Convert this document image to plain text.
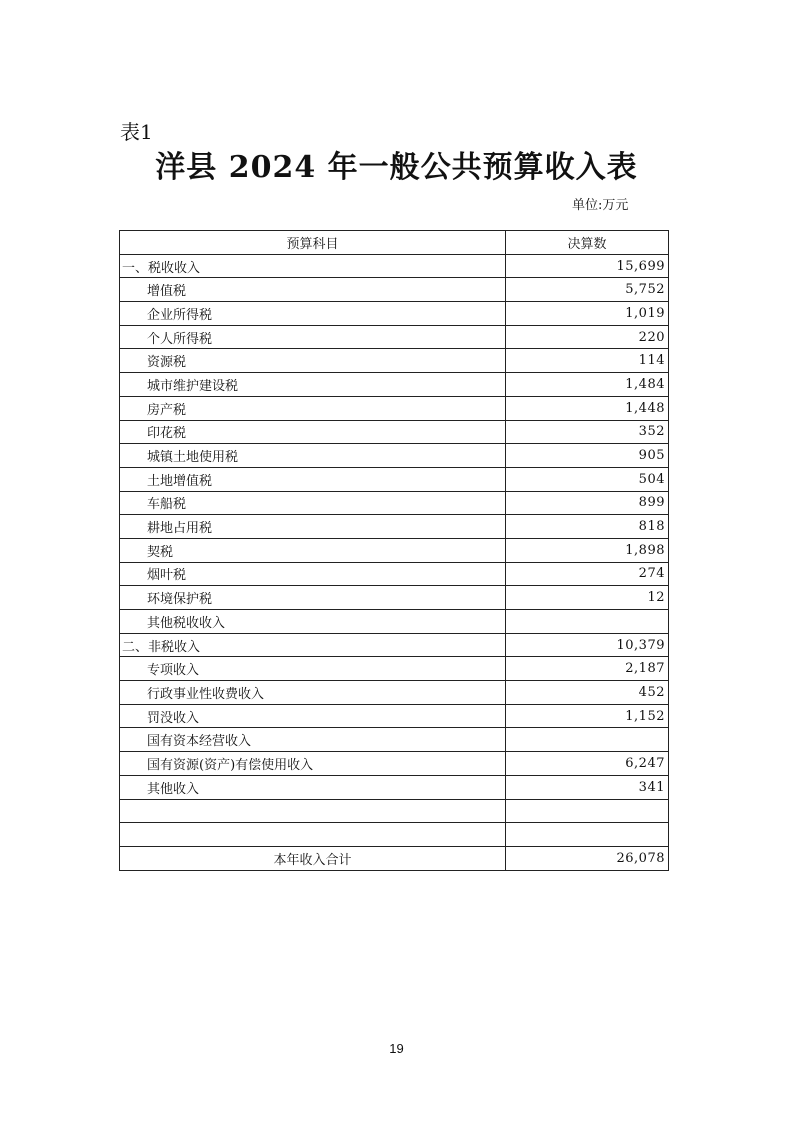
表1
洋县 2024 年一般公共预算收入表
单位:万元
预算科目	决算数
一、税收收入	15,699
增值税	5,752
企业所得税	1,019
个人所得税	220
资源税	114
城市维护建设税	1,484
房产税	1,448
印花税	352
城镇土地使用税	905
土地增值税	504
车船税	899
耕地占用税	818
契税	1,898
烟叶税	274
环境保护税	12
其他税收收入	
二、非税收入	10,379
专项收入	2,187
行政事业性收费收入	452
罚没收入	1,152
国有资本经营收入	
国有资源(资产)有偿使用收入	6,247
其他收入	341

本年收入合计	26,078
19
